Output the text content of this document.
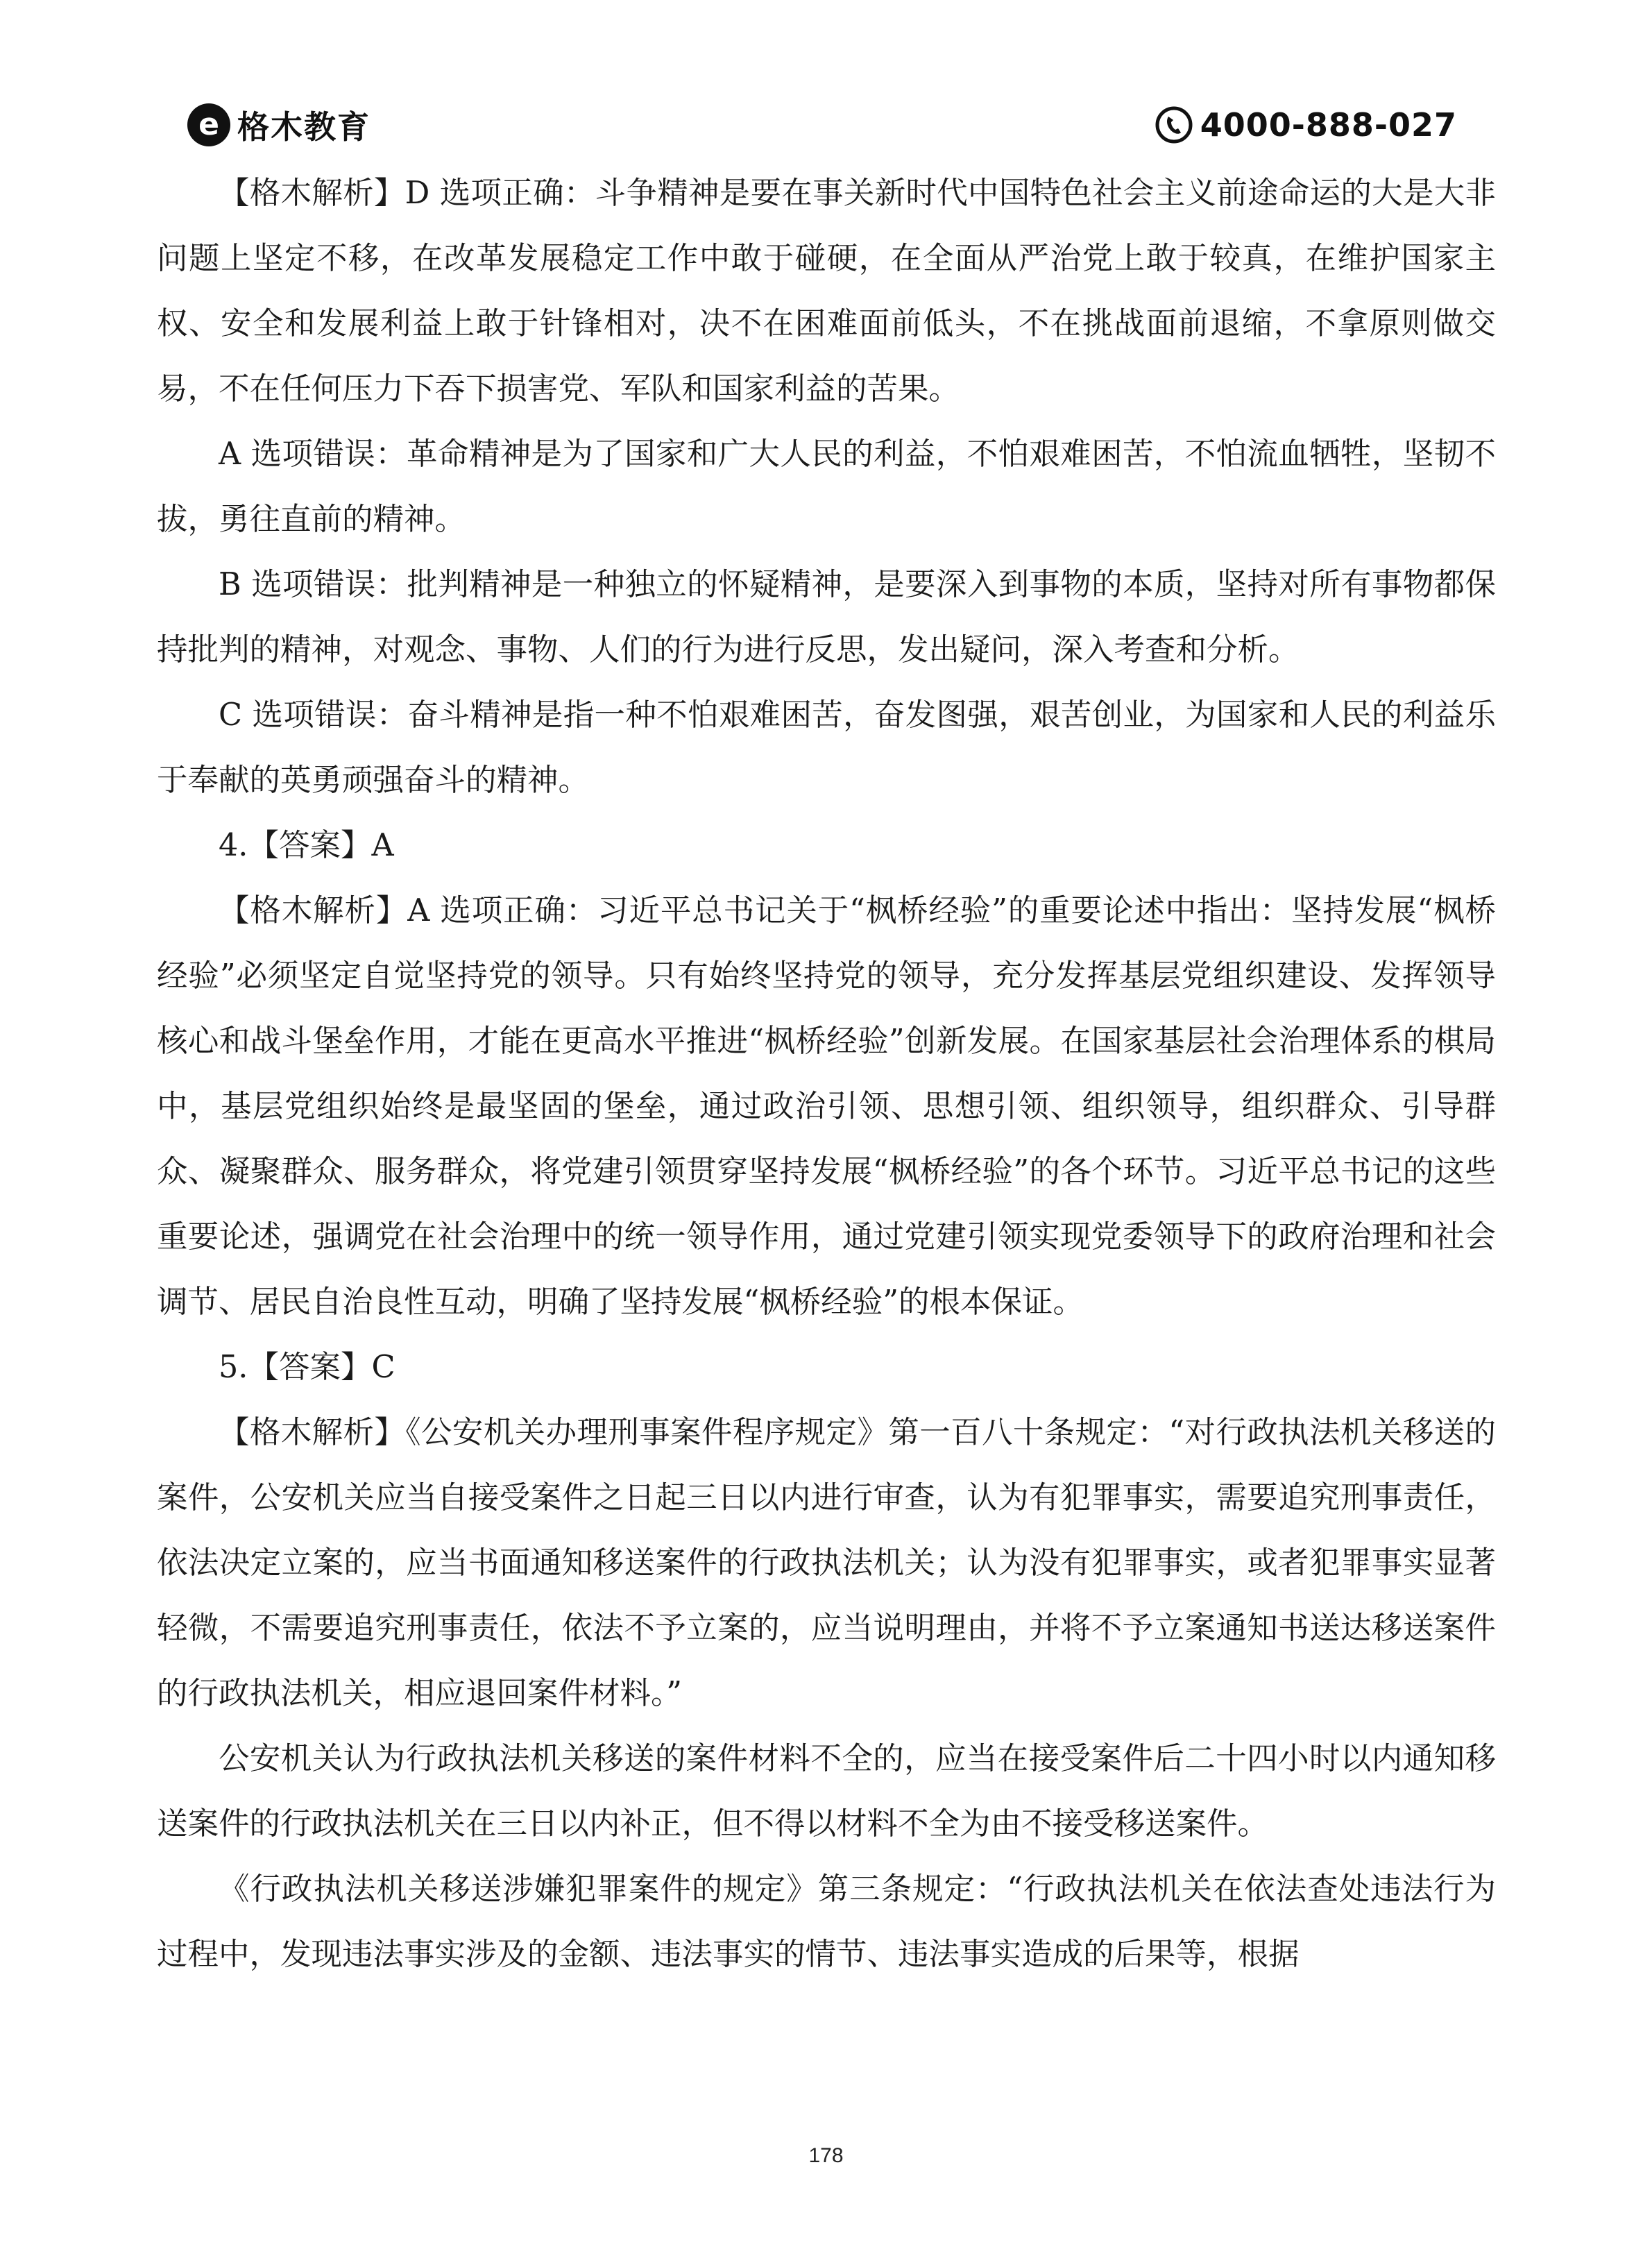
e 格木教育	4000-888-027

【格木解析】D 选项正确：斗争精神是要在事关新时代中国特色社会主义前途命运的大是大非问题上坚定不移，在改革发展稳定工作中敢于碰硬，在全面从严治党上敢于较真，在维护国家主权、安全和发展利益上敢于针锋相对，决不在困难面前低头，不在挑战面前退缩，不拿原则做交易，不在任何压力下吞下损害党、军队和国家利益的苦果。

A 选项错误：革命精神是为了国家和广大人民的利益，不怕艰难困苦，不怕流血牺牲，坚韧不拔，勇往直前的精神。

B 选项错误：批判精神是一种独立的怀疑精神，是要深入到事物的本质，坚持对所有事物都保持批判的精神，对观念、事物、人们的行为进行反思，发出疑问，深入考查和分析。

C 选项错误：奋斗精神是指一种不怕艰难困苦，奋发图强，艰苦创业，为国家和人民的利益乐于奉献的英勇顽强奋斗的精神。

4.【答案】A

【格木解析】A 选项正确：习近平总书记关于“枫桥经验”的重要论述中指出：坚持发展“枫桥经验”必须坚定自觉坚持党的领导。只有始终坚持党的领导，充分发挥基层党组织建设、发挥领导核心和战斗堡垒作用，才能在更高水平推进“枫桥经验”创新发展。在国家基层社会治理体系的棋局中，基层党组织始终是最坚固的堡垒，通过政治引领、思想引领、组织领导，组织群众、引导群众、凝聚群众、服务群众，将党建引领贯穿坚持发展“枫桥经验”的各个环节。习近平总书记的这些重要论述，强调党在社会治理中的统一领导作用，通过党建引领实现党委领导下的政府治理和社会调节、居民自治良性互动，明确了坚持发展“枫桥经验”的根本保证。

5.【答案】C

【格木解析】《公安机关办理刑事案件程序规定》第一百八十条规定：“对行政执法机关移送的案件，公安机关应当自接受案件之日起三日以内进行审查，认为有犯罪事实，需要追究刑事责任，依法决定立案的，应当书面通知移送案件的行政执法机关；认为没有犯罪事实，或者犯罪事实显著轻微，不需要追究刑事责任，依法不予立案的，应当说明理由，并将不予立案通知书送达移送案件的行政执法机关，相应退回案件材料。”

公安机关认为行政执法机关移送的案件材料不全的，应当在接受案件后二十四小时以内通知移送案件的行政执法机关在三日以内补正，但不得以材料不全为由不接受移送案件。

《行政执法机关移送涉嫌犯罪案件的规定》第三条规定：“行政执法机关在依法查处违法行为过程中，发现违法事实涉及的金额、违法事实的情节、违法事实造成的后果等，根据

178
